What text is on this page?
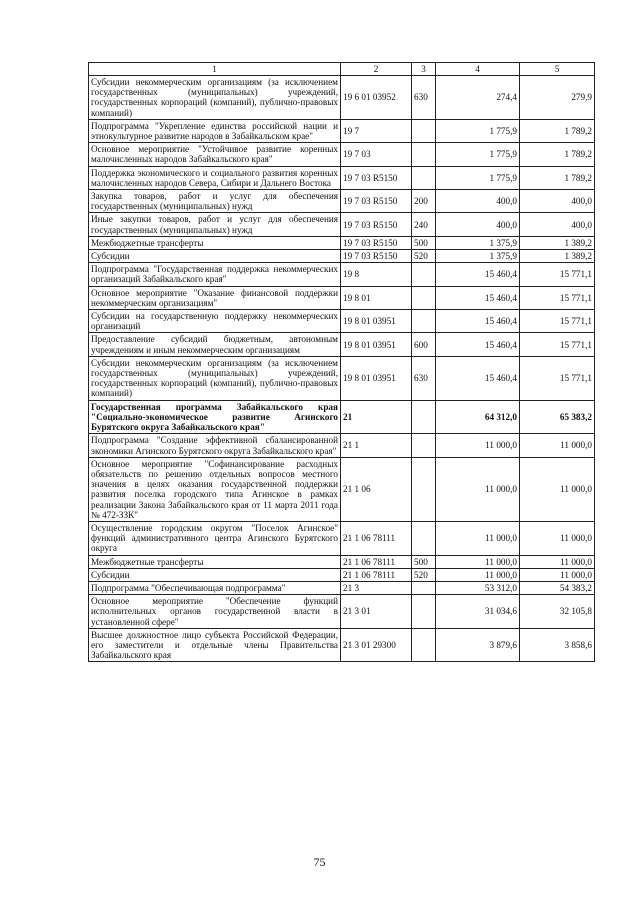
1	2	3	4	5
Субсидии некоммерческим организациям (за исключением государственных (муниципальных) учреждений, государственных корпораций (компаний), публично-правовых компаний)	19 6 01 03952	630	274,4	279,9
Подпрограмма "Укрепление единства российской нации и этнокультурное развитие народов в Забайкальском крае"	19 7		1 775,9	1 789,2
Основное мероприятие "Устойчивое развитие коренных малочисленных народов Забайкальского края"	19 7 03		1 775,9	1 789,2
Поддержка экономического и социального развития коренных малочисленных народов Севера, Сибири и Дальнего Востока	19 7 03 R5150		1 775,9	1 789,2
Закупка товаров, работ и услуг для обеспечения государственных (муниципальных) нужд	19 7 03 R5150	200	400,0	400,0
Иные закупки товаров, работ и услуг для обеспечения государственных (муниципальных) нужд	19 7 03 R5150	240	400,0	400,0
Межбюджетные трансферты	19 7 03 R5150	500	1 375,9	1 389,2
Субсидии	19 7 03 R5150	520	1 375,9	1 389,2
Подпрограмма "Государственная поддержка некоммерческих организаций Забайкальского края"	19 8		15 460,4	15 771,1
Основное мероприятие "Оказание финансовой поддержки некоммерческим организациям"	19 8 01		15 460,4	15 771,1
Субсидии на государственную поддержку некоммерческих организаций	19 8 01 03951		15 460,4	15 771,1
Предоставление субсидий бюджетным, автономным учреждениям и иным некоммерческим организациям	19 8 01 03951	600	15 460,4	15 771,1
Субсидии некоммерческим организациям (за исключением государственных (муниципальных) учреждений, государственных корпораций (компаний), публично-правовых компаний)	19 8 01 03951	630	15 460,4	15 771,1
Государственная программа Забайкальского края "Социально-экономическое развитие Агинского Бурятского округа Забайкальского края"	21		64 312,0	65 383,2
Подпрограмма "Создание эффективной сбалансированной экономики Агинского Бурятского округа Забайкальского края"	21 1		11 000,0	11 000,0
Основное мероприятие "Софинансирование расходных обязательств по решению отдельных вопросов местного значения в целях оказания государственной поддержки развития поселка городского типа Агинское в рамках реализации Закона Забайкальского края от 11 марта 2011 года № 472-ЗЗК"	21 1 06		11 000,0	11 000,0
Осуществление городским округом "Поселок Агинское" функций административного центра Агинского Бурятского округа	21 1 06 78111		11 000,0	11 000,0
Межбюджетные трансферты	21 1 06 78111	500	11 000,0	11 000,0
Субсидии	21 1 06 78111	520	11 000,0	11 000,0
Подпрограмма "Обеспечивающая подпрограмма"	21 3		53 312,0	54 383,2
Основное мероприятие "Обеспечение функций исполнительных органов государственной власти в установленной сфере"	21 3 01		31 034,6	32 105,8
Высшее должностное лицо субъекта Российской Федерации, его заместители и отдельные члены Правительства Забайкальского края	21 3 01 29300		3 879,6	3 858,6
75
